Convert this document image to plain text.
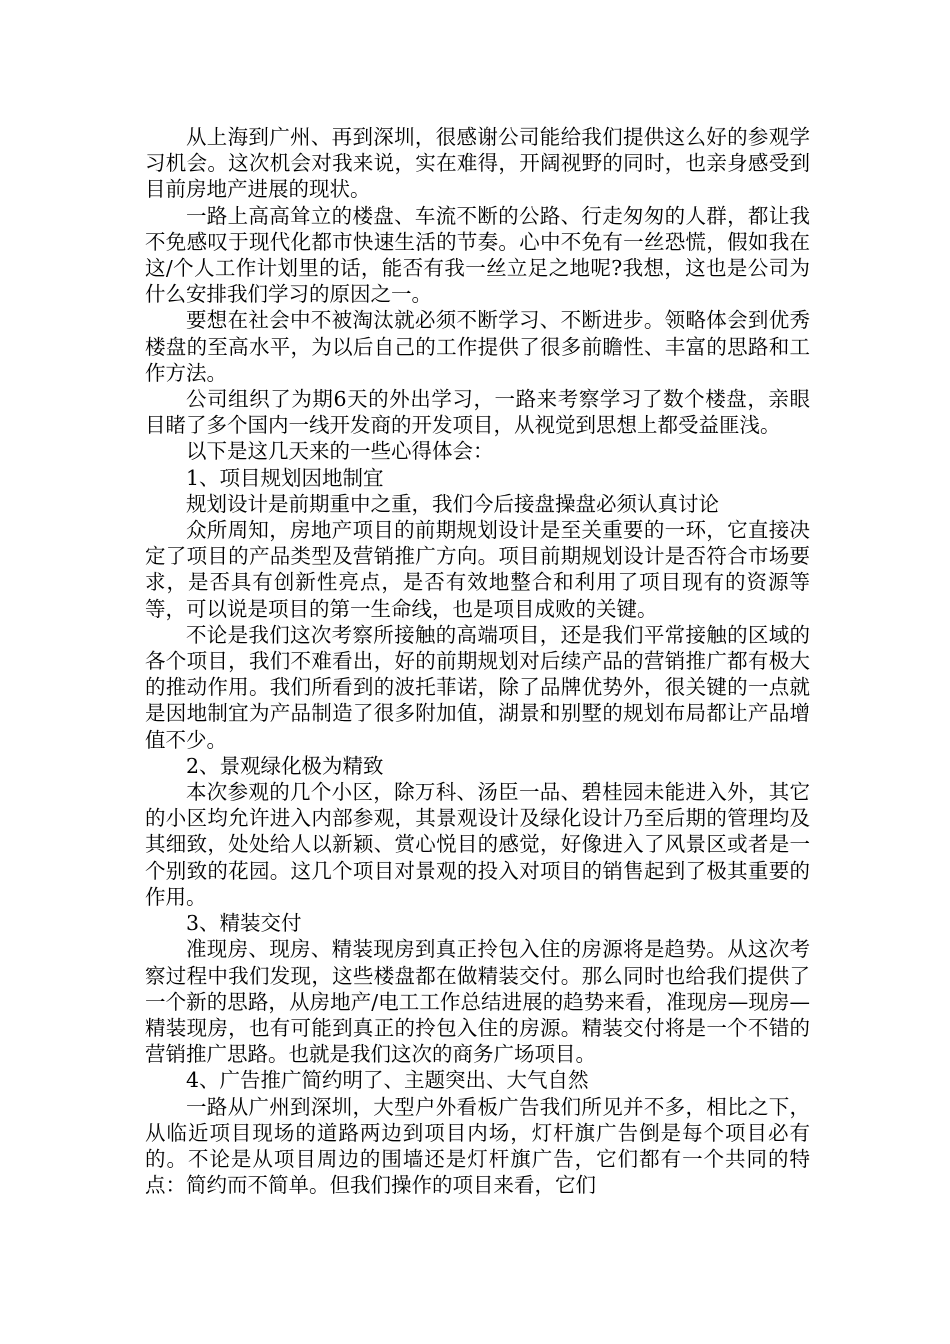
从上海到广州、再到深圳，很感谢公司能给我们提供这么好的参观学习机会。这次机会对我来说，实在难得，开阔视野的同时，也亲身感受到目前房地产进展的现状。

一路上高高耸立的楼盘、车流不断的公路、行走匆匆的人群，都让我不免感叹于现代化都市快速生活的节奏。心中不免有一丝恐慌，假如我在这/个人工作计划里的话，能否有我一丝立足之地呢?我想，这也是公司为什么安排我们学习的原因之一。

要想在社会中不被淘汰就必须不断学习、不断进步。领略体会到优秀楼盘的至高水平，为以后自己的工作提供了很多前瞻性、丰富的思路和工作方法。

公司组织了为期6天的外出学习，一路来考察学习了数个楼盘，亲眼目睹了多个国内一线开发商的开发项目，从视觉到思想上都受益匪浅。

以下是这几天来的一些心得体会：

1、项目规划因地制宜

规划设计是前期重中之重，我们今后接盘操盘必须认真讨论

众所周知，房地产项目的前期规划设计是至关重要的一环，它直接决定了项目的产品类型及营销推广方向。项目前期规划设计是否符合市场要求，是否具有创新性亮点，是否有效地整合和利用了项目现有的资源等等，可以说是项目的第一生命线，也是项目成败的关键。

不论是我们这次考察所接触的高端项目，还是我们平常接触的区域的各个项目，我们不难看出，好的前期规划对后续产品的营销推广都有极大的推动作用。我们所看到的波托菲诺，除了品牌优势外，很关键的一点就是因地制宜为产品制造了很多附加值，湖景和别墅的规划布局都让产品增值不少。

2、景观绿化极为精致

本次参观的几个小区，除万科、汤臣一品、碧桂园未能进入外，其它的小区均允许进入内部参观，其景观设计及绿化设计乃至后期的管理均及其细致，处处给人以新颖、赏心悦目的感觉，好像进入了风景区或者是一个别致的花园。这几个项目对景观的投入对项目的销售起到了极其重要的作用。

3、精装交付

准现房、现房、精装现房到真正拎包入住的房源将是趋势。从这次考察过程中我们发现，这些楼盘都在做精装交付。那么同时也给我们提供了一个新的思路，从房地产/电工工作总结进展的趋势来看，准现房—现房—精装现房，也有可能到真正的拎包入住的房源。精装交付将是一个不错的营销推广思路。也就是我们这次的商务广场项目。

4、广告推广简约明了、主题突出、大气自然

一路从广州到深圳，大型户外看板广告我们所见并不多，相比之下，从临近项目现场的道路两边到项目内场，灯杆旗广告倒是每个项目必有的。不论是从项目周边的围墙还是灯杆旗广告，它们都有一个共同的特点：简约而不简单。但我们操作的项目来看，它们
